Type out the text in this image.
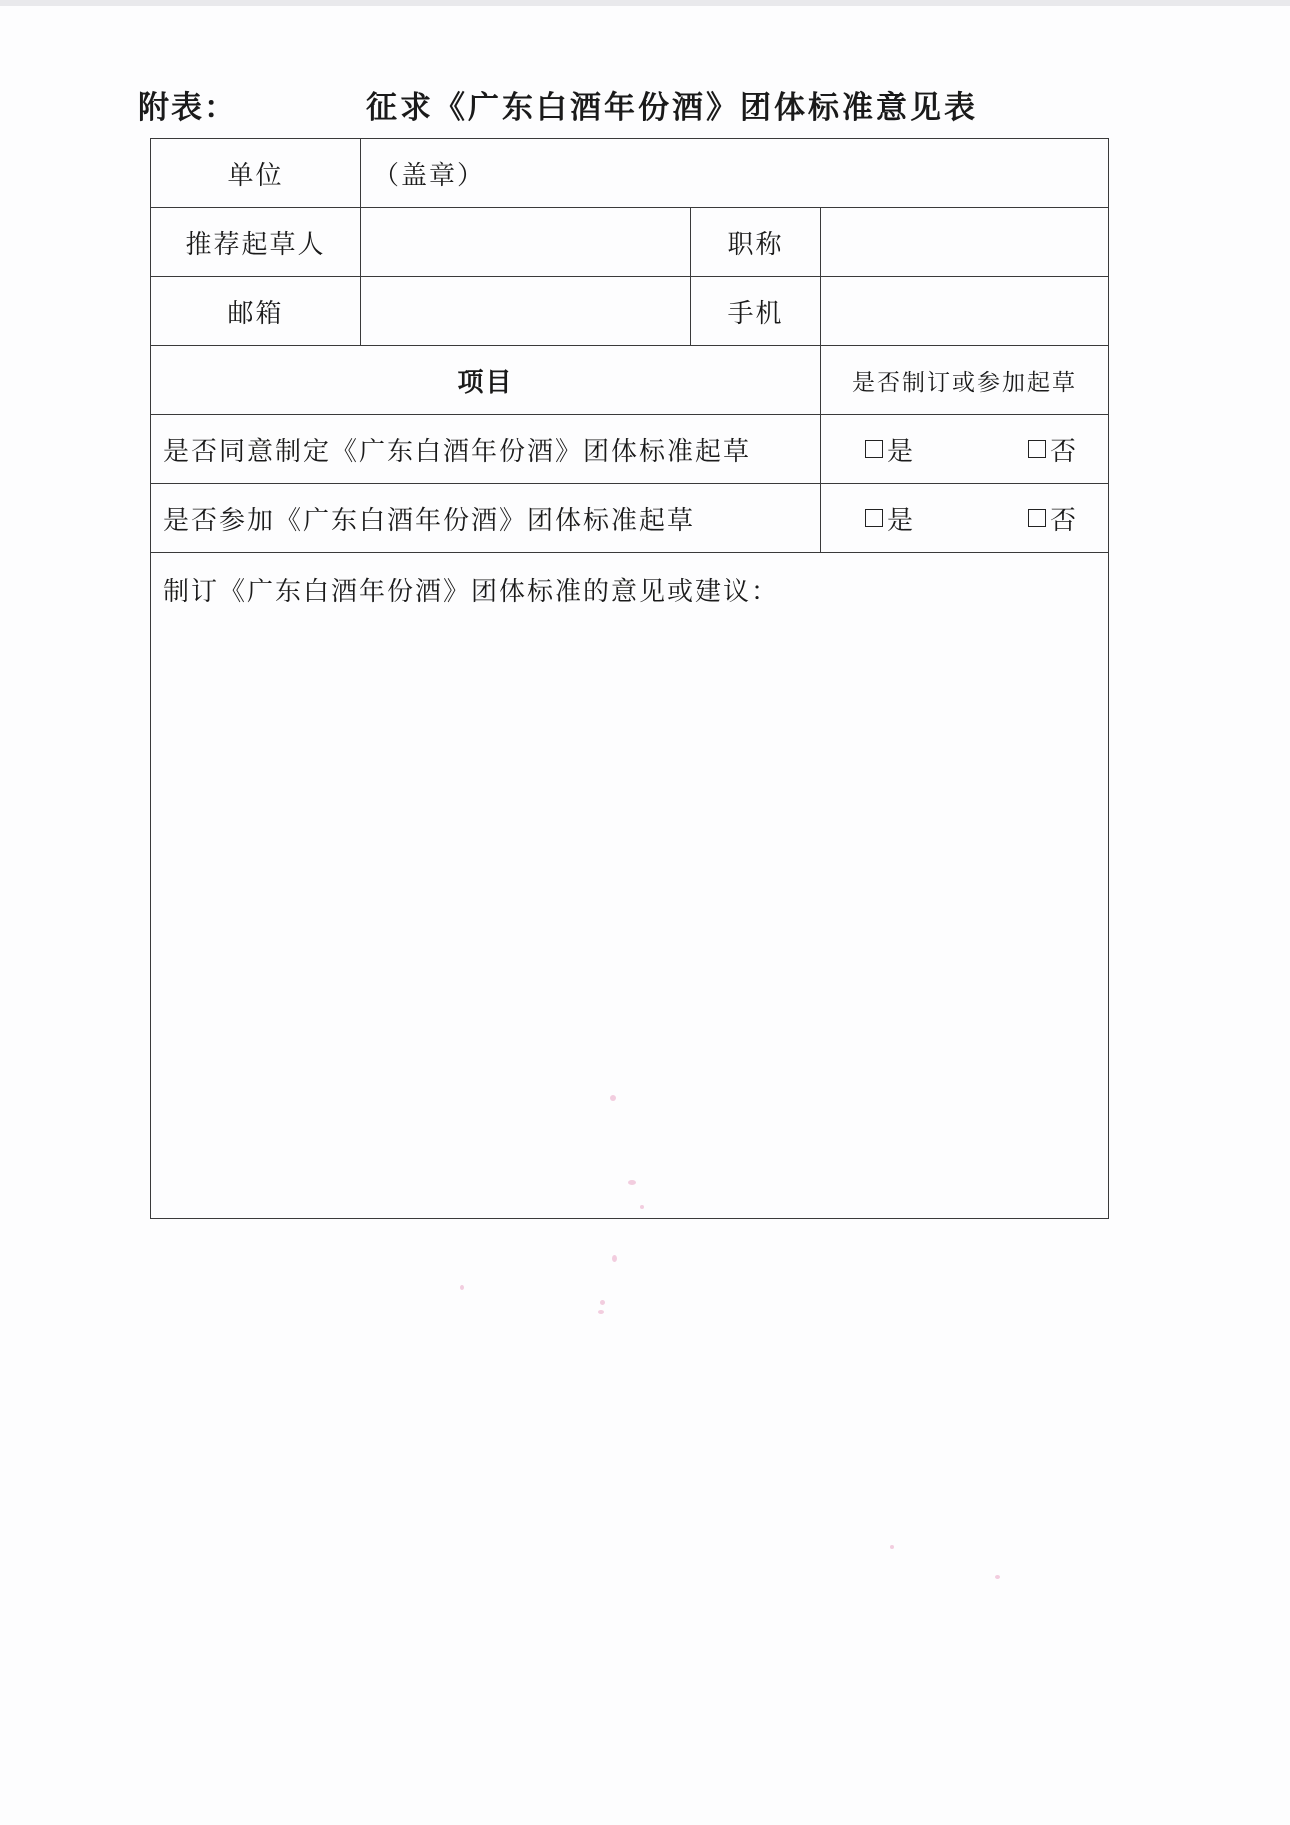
附表：	征求《广东白酒年份酒》团体标准意见表
单位	（盖章）		
推荐起草人		职称	
邮箱		手机	
项目			是否制订或参加起草
是否同意制定《广东白酒年份酒》团体标准起草			是 否

是否参加《广东白酒年份酒》团体标准起草			是 否

制订《广东白酒年份酒》团体标准的意见或建议：			
